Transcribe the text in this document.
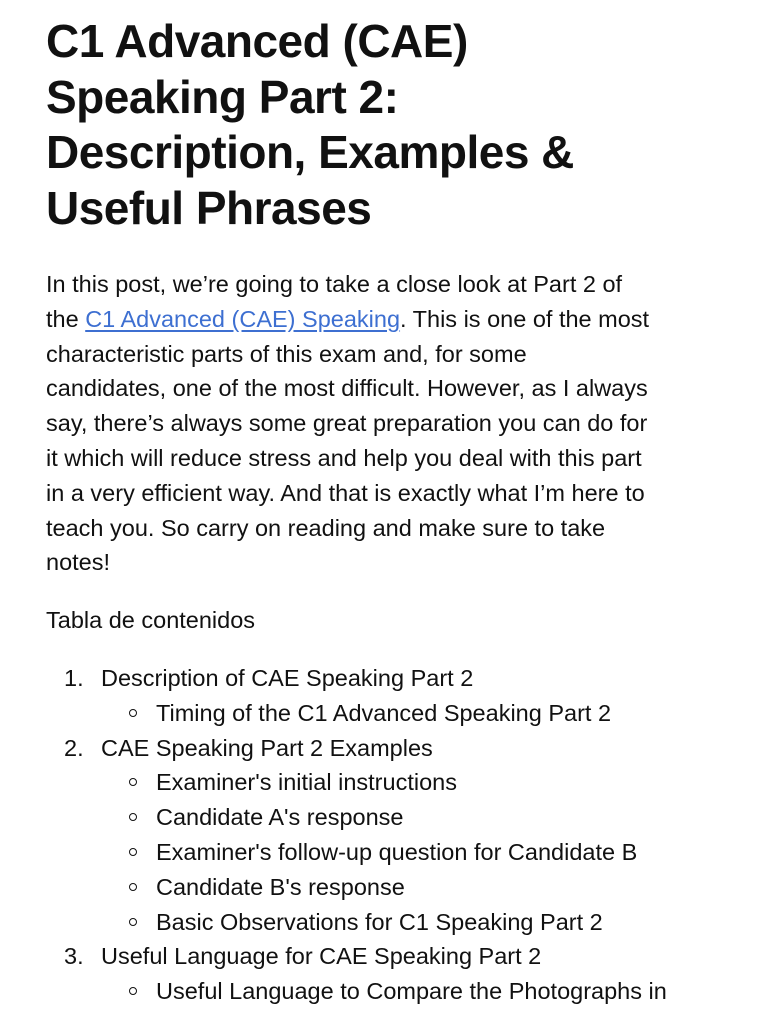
C1 Advanced (CAE)
Speaking Part 2:
Description, Examples &
Useful Phrases

In this post, we’re going to take a close look at Part 2 of
the C1 Advanced (CAE) Speaking. This is one of the most
characteristic parts of this exam and, for some
candidates, one of the most difficult. However, as I always
say, there’s always some great preparation you can do for
it which will reduce stress and help you deal with this part
in a very efficient way. And that is exactly what I’m here to
teach you. So carry on reading and make sure to take
notes!

Tabla de contenidos
1. Description of CAE Speaking Part 2
Timing of the C1 Advanced Speaking Part 2
2. CAE Speaking Part 2 Examples
Examiner's initial instructions
Candidate A's response
Examiner's follow-up question for Candidate B
Candidate B's response
Basic Observations for C1 Speaking Part 2
3. Useful Language for CAE Speaking Part 2
Useful Language to Compare the Photographs in
